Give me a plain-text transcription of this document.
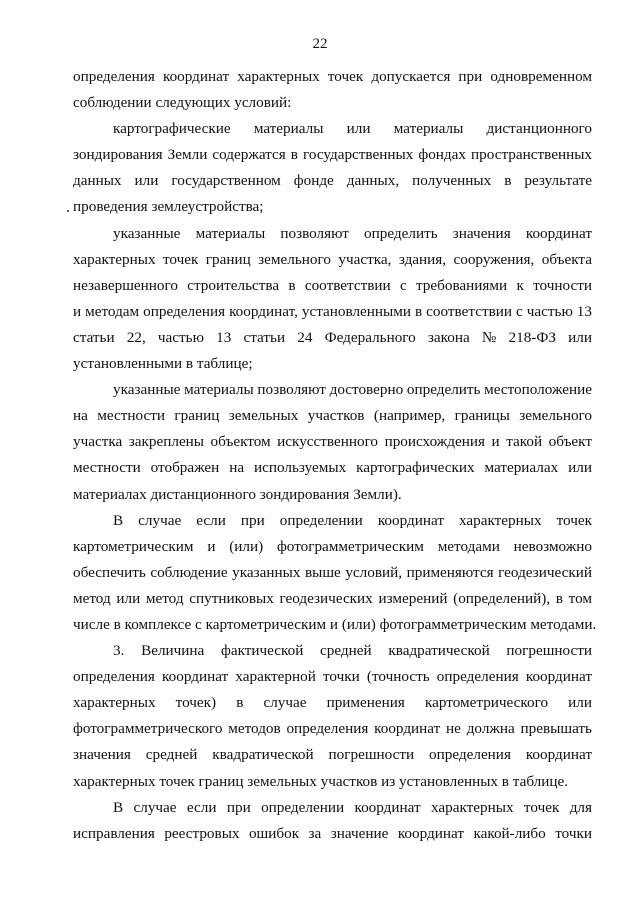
22

определения координат характерных точек допускается при одновременном
соблюдении следующих условий:

картографические материалы или материалы дистанционного
зондирования Земли содержатся в государственных фондах пространственных
данных или государственном фонде данных, полученных в результате
проведения землеустройства;

указанные материалы позволяют определить значения координат
характерных точек границ земельного участка, здания, сооружения, объекта
незавершенного строительства в соответствии с требованиями к точности
и методам определения координат, установленными в соответствии с частью 13
статьи 22, частью 13 статьи 24 Федерального закона № 218-ФЗ или
установленными в таблице;

указанные материалы позволяют достоверно определить местоположение
на местности границ земельных участков (например, границы земельного
участка закреплены объектом искусственного происхождения и такой объект
местности отображен на используемых картографических материалах или
материалах дистанционного зондирования Земли).

В случае если при определении координат характерных точек
картометрическим и (или) фотограмметрическим методами невозможно
обеспечить соблюдение указанных выше условий, применяются геодезический
метод или метод спутниковых геодезических измерений (определений), в том
числе в комплексе с картометрическим и (или) фотограмметрическим методами.

3. Величина фактической средней квадратической погрешности
определения координат характерной точки (точность определения координат
характерных точек) в случае применения картометрического или
фотограмметрического методов определения координат не должна превышать
значения средней квадратической погрешности определения координат
характерных точек границ земельных участков из установленных в таблице.

В случае если при определении координат характерных точек для
исправления реестровых ошибок за значение координат какой-либо точки
